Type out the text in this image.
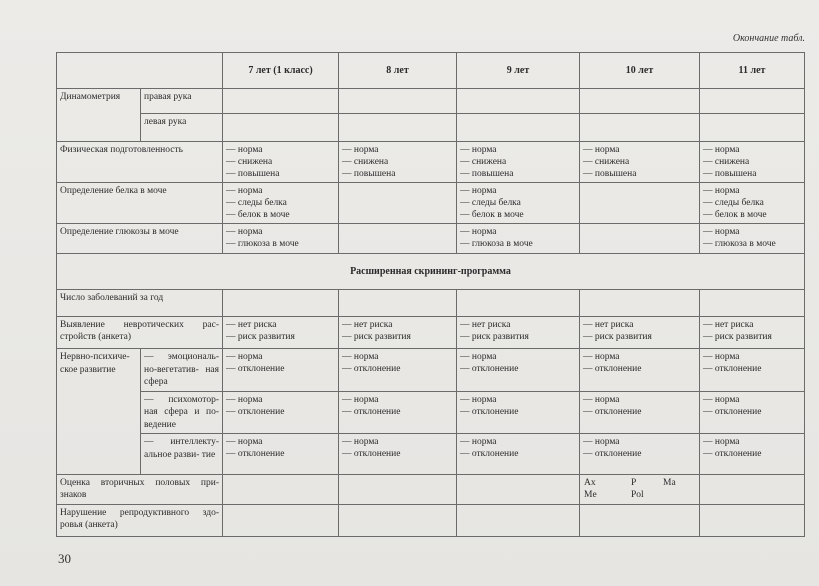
Окончание табл.
		7 лет (1 класс)	8 лет	9 лет	10 лет	11 лет
Динамометрия	правая рука					
	левая рука					
Физическая подготовленность		— норма
— снижена
— повышена	— норма
— снижена
— повышена	— норма
— снижена
— повышена	— норма
— снижена
— повышена	— норма
— снижена
— повышена

Определение белка в моче		— норма
— следы белка
— белок в моче		— норма
— следы белка
— белок в моче		— норма
— следы белка
— белок в моче

Определение глюкозы в моче		— норма
— глюкоза в моче		— норма
— глюкоза в моче		— норма
— глюкоза в моче

Расширенная скрининг-программа						
Число заболеваний за год						
Выявление невротических рас- стройств (анкета)		— нет риска
— риск развития	— нет риска
— риск развития	— нет риска
— риск развития	— нет риска
— риск развития	— нет риска
— риск развития

Нервно-психиче- ское развитие	— эмоциональ- но-вегетатив- ная сфера	— норма
— отклонение	— норма
— отклонение	— норма
— отклонение	— норма
— отклонение	— норма
— отклонение

	— психомотор- ная сфера и по- ведение	— норма
— отклонение	— норма
— отклонение	— норма
— отклонение	— норма
— отклонение	— норма
— отклонение

	— интеллекту- альное разви- тие	— норма
— отклонение	— норма
— отклонение	— норма
— отклонение	— норма
— отклонение	— норма
— отклонение

Оценка вторичных половых при- знаков					Ax P Ma
Me Pol	

Нарушение репродуктивного здо- ровья (анкета)						
30
